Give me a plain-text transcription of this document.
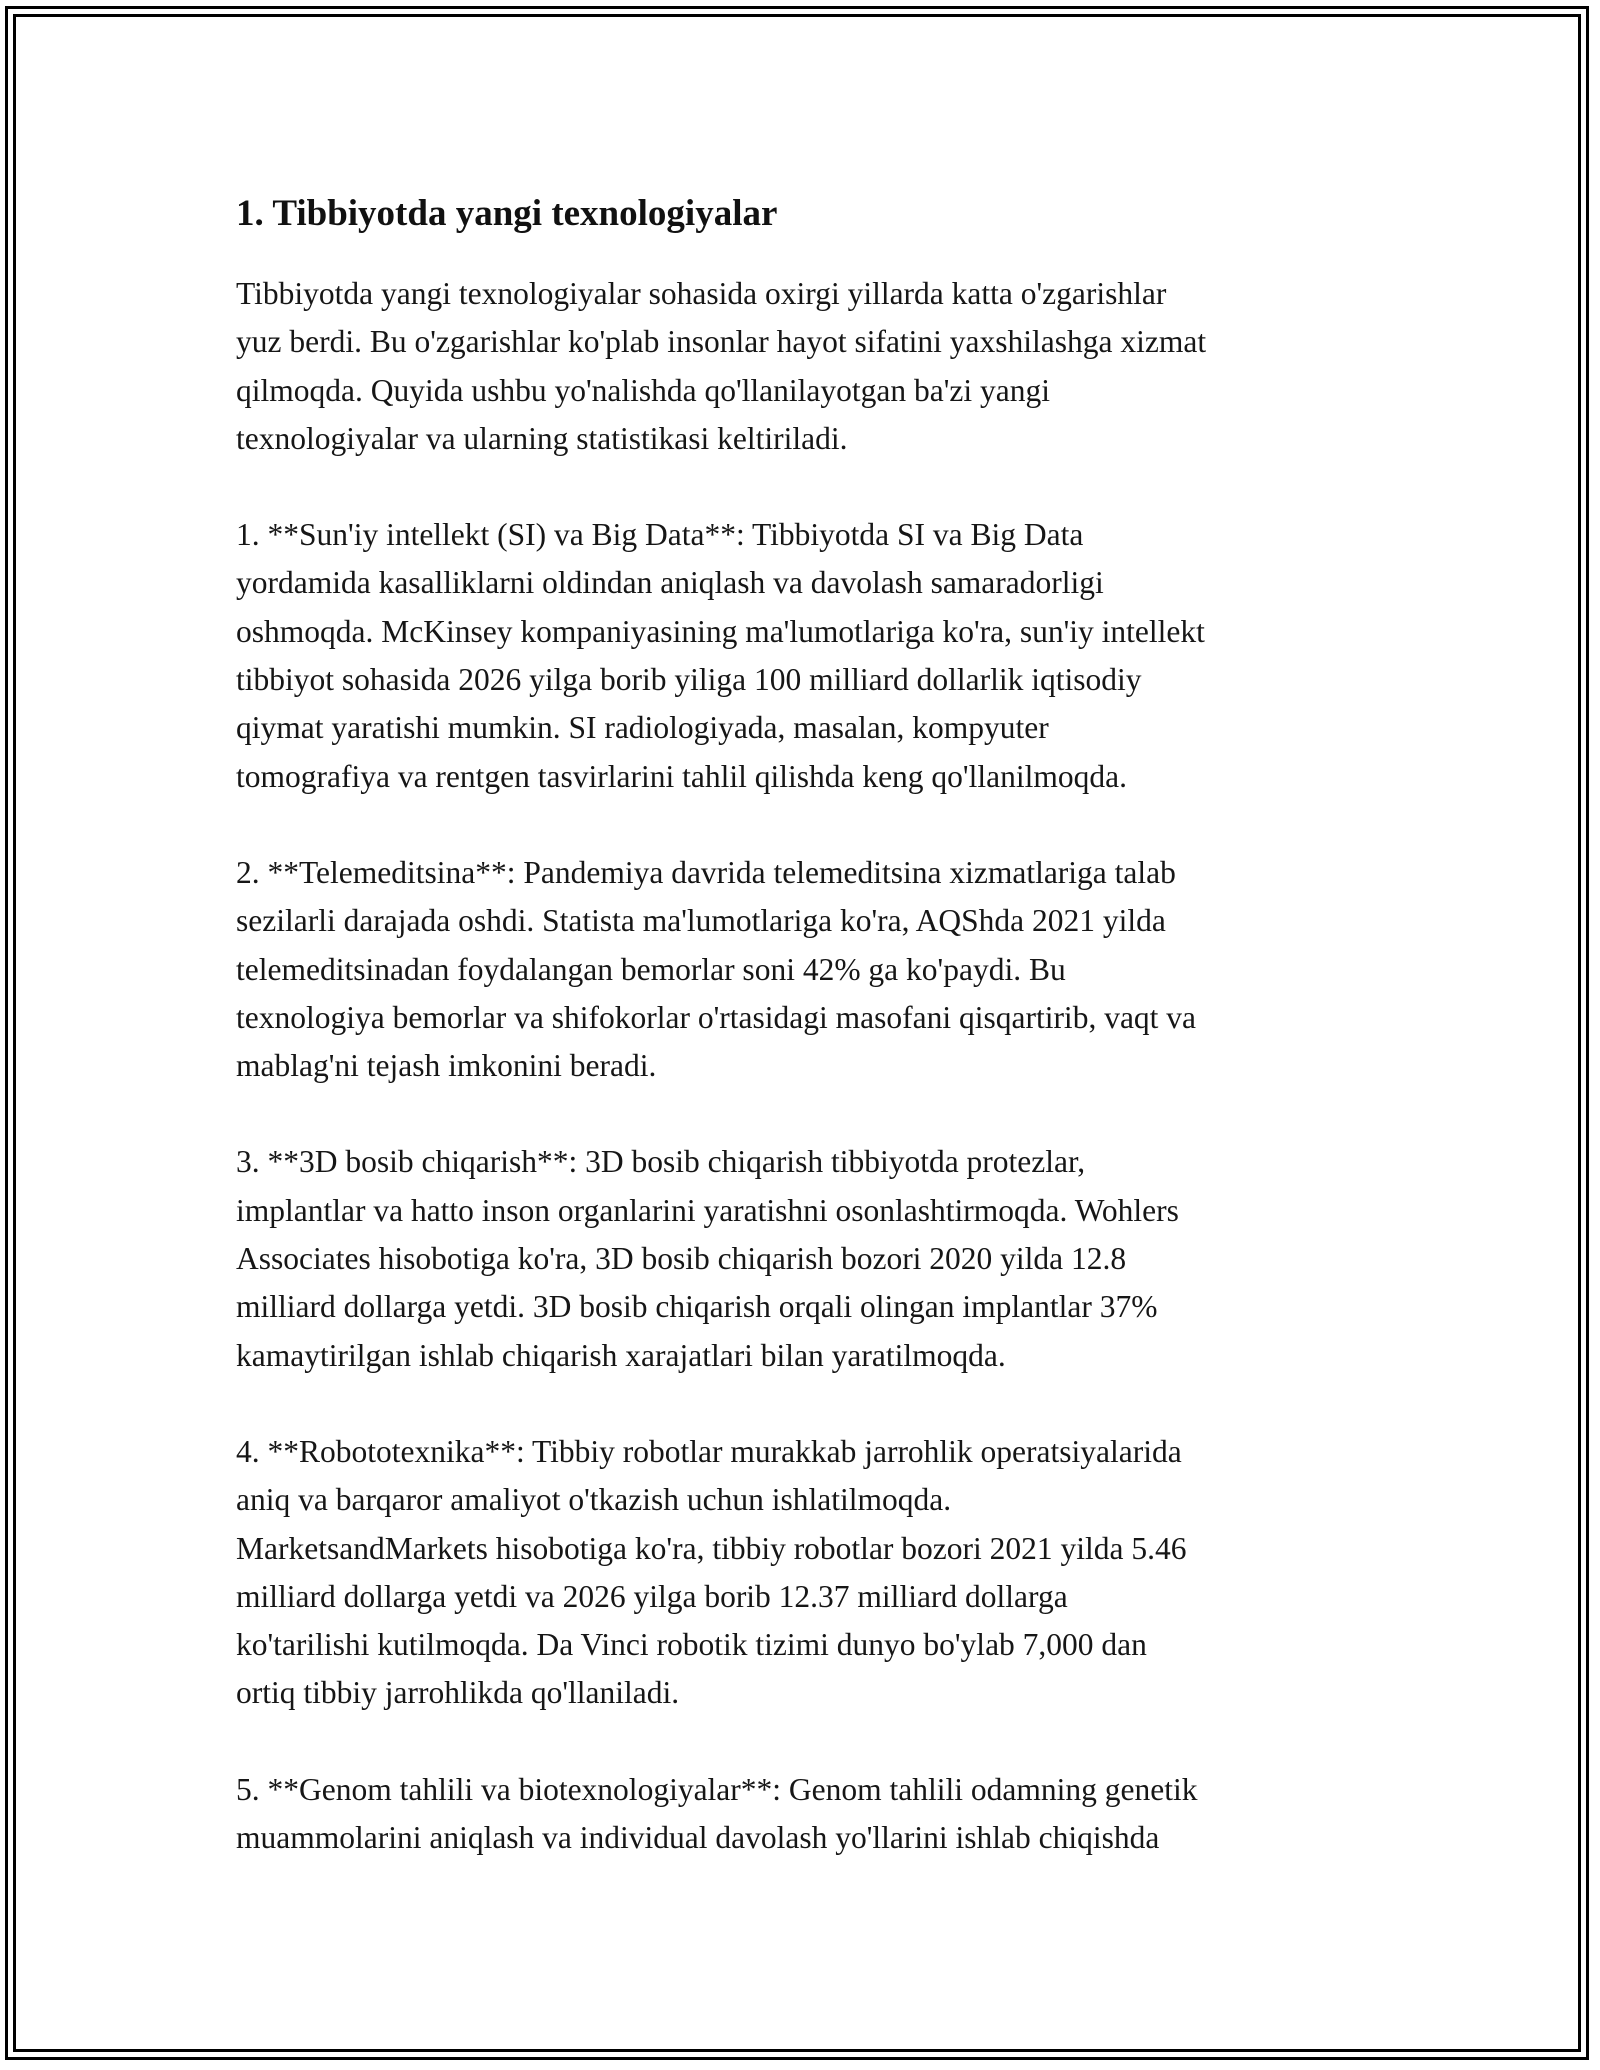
1. Tibbiyotda yangi texnologiyalar

Tibbiyotda yangi texnologiyalar sohasida oxirgi yillarda katta o'zgarishlar
yuz berdi. Bu o'zgarishlar ko'plab insonlar hayot sifatini yaxshilashga xizmat
qilmoqda. Quyida ushbu yo'nalishda qo'llanilayotgan ba'zi yangi
texnologiyalar va ularning statistikasi keltiriladi.

1. **Sun'iy intellekt (SI) va Big Data**: Tibbiyotda SI va Big Data
yordamida kasalliklarni oldindan aniqlash va davolash samaradorligi
oshmoqda. McKinsey kompaniyasining ma'lumotlariga ko'ra, sun'iy intellekt
tibbiyot sohasida 2026 yilga borib yiliga 100 milliard dollarlik iqtisodiy
qiymat yaratishi mumkin. SI radiologiyada, masalan, kompyuter
tomografiya va rentgen tasvirlarini tahlil qilishda keng qo'llanilmoqda.

2. **Telemeditsina**: Pandemiya davrida telemeditsina xizmatlariga talab
sezilarli darajada oshdi. Statista ma'lumotlariga ko'ra, AQShda 2021 yilda
telemeditsinadan foydalangan bemorlar soni 42% ga ko'paydi. Bu
texnologiya bemorlar va shifokorlar o'rtasidagi masofani qisqartirib, vaqt va
mablag'ni tejash imkonini beradi.

3. **3D bosib chiqarish**: 3D bosib chiqarish tibbiyotda protezlar,
implantlar va hatto inson organlarini yaratishni osonlashtirmoqda. Wohlers
Associates hisobotiga ko'ra, 3D bosib chiqarish bozori 2020 yilda 12.8
milliard dollarga yetdi. 3D bosib chiqarish orqali olingan implantlar 37%
kamaytirilgan ishlab chiqarish xarajatlari bilan yaratilmoqda.

4. **Robototexnika**: Tibbiy robotlar murakkab jarrohlik operatsiyalarida
aniq va barqaror amaliyot o'tkazish uchun ishlatilmoqda.
MarketsandMarkets hisobotiga ko'ra, tibbiy robotlar bozori 2021 yilda 5.46
milliard dollarga yetdi va 2026 yilga borib 12.37 milliard dollarga
ko'tarilishi kutilmoqda. Da Vinci robotik tizimi dunyo bo'ylab 7,000 dan
ortiq tibbiy jarrohlikda qo'llaniladi.

5. **Genom tahlili va biotexnologiyalar**: Genom tahlili odamning genetik
muammolarini aniqlash va individual davolash yo'llarini ishlab chiqishda
